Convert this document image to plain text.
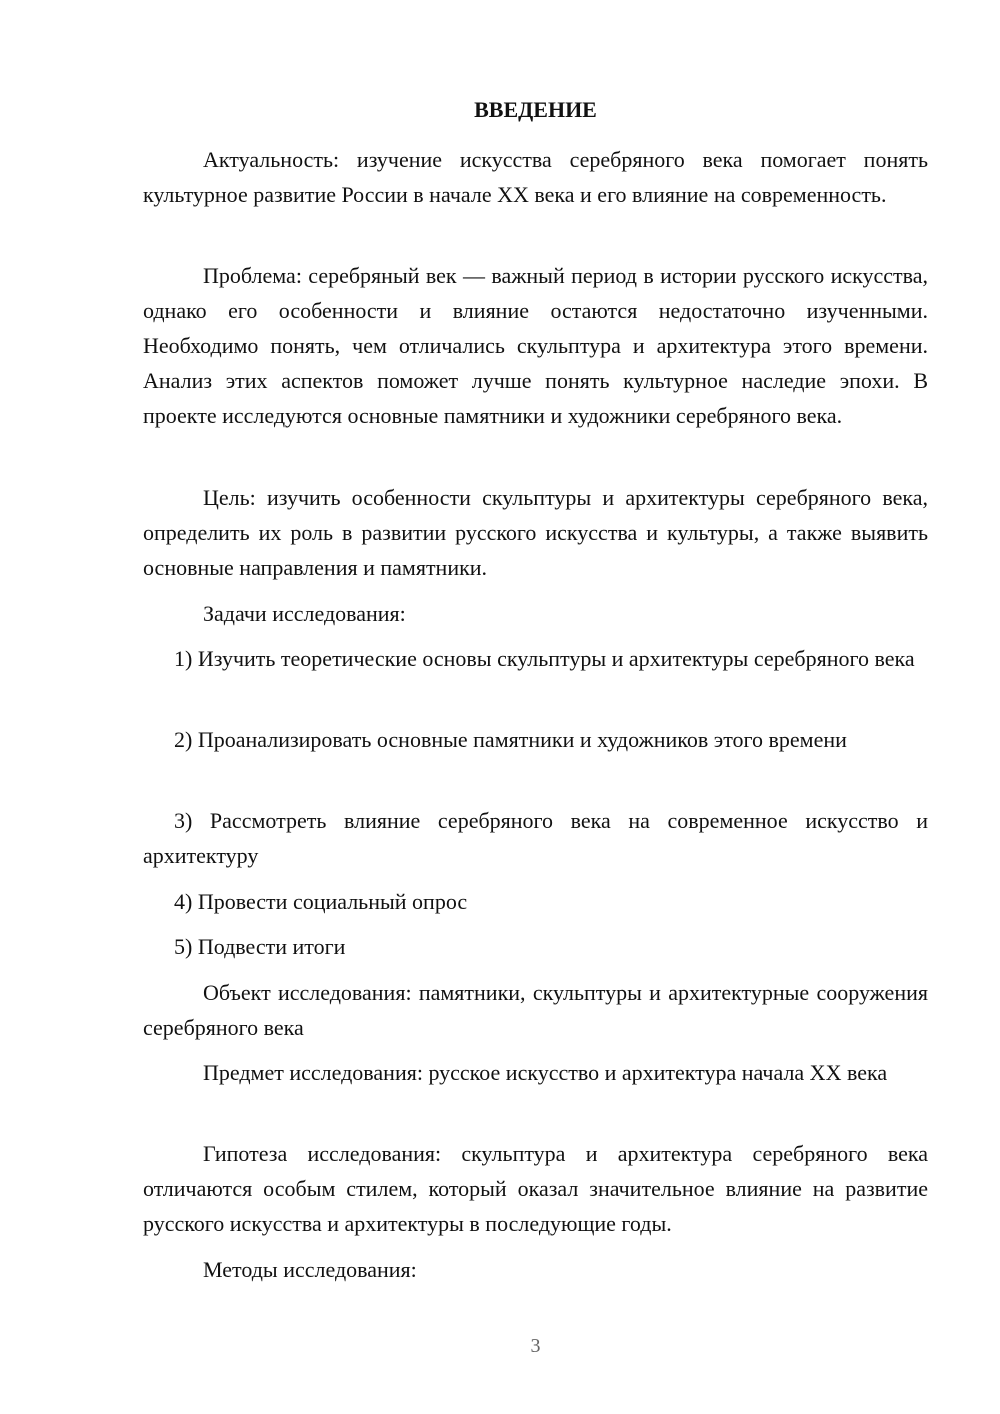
ВВЕДЕНИЕ

Актуальность: изучение искусства серебряного века помогает понять культурное развитие России в начале XX века и его влияние на современность.

Проблема: серебряный век — важный период в истории русского искусства, однако его особенности и влияние остаются недостаточно изученными. Необходимо понять, чем отличались скульптура и архитектура этого времени. Анализ этих аспектов поможет лучше понять культурное наследие эпохи. В проекте исследуются основные памятники и художники серебряного века.

Цель: изучить особенности скульптуры и архитектуры серебряного века, определить их роль в развитии русского искусства и культуры, а также выявить основные направления и памятники.

Задачи исследования:

1) Изучить теоретические основы скульптуры и архитектуры серебряного века

2) Проанализировать основные памятники и художников этого времени

3) Рассмотреть влияние серебряного века на современное искусство и архитектуру

4) Провести социальный опрос

5) Подвести итоги

Объект исследования: памятники, скульптуры и архитектурные сооружения серебряного века

Предмет исследования: русское искусство и архитектура начала XX века

Гипотеза исследования: скульптура и архитектура серебряного века отличаются особым стилем, который оказал значительное влияние на развитие русского искусства и архитектуры в последующие годы.

Методы исследования:

3
